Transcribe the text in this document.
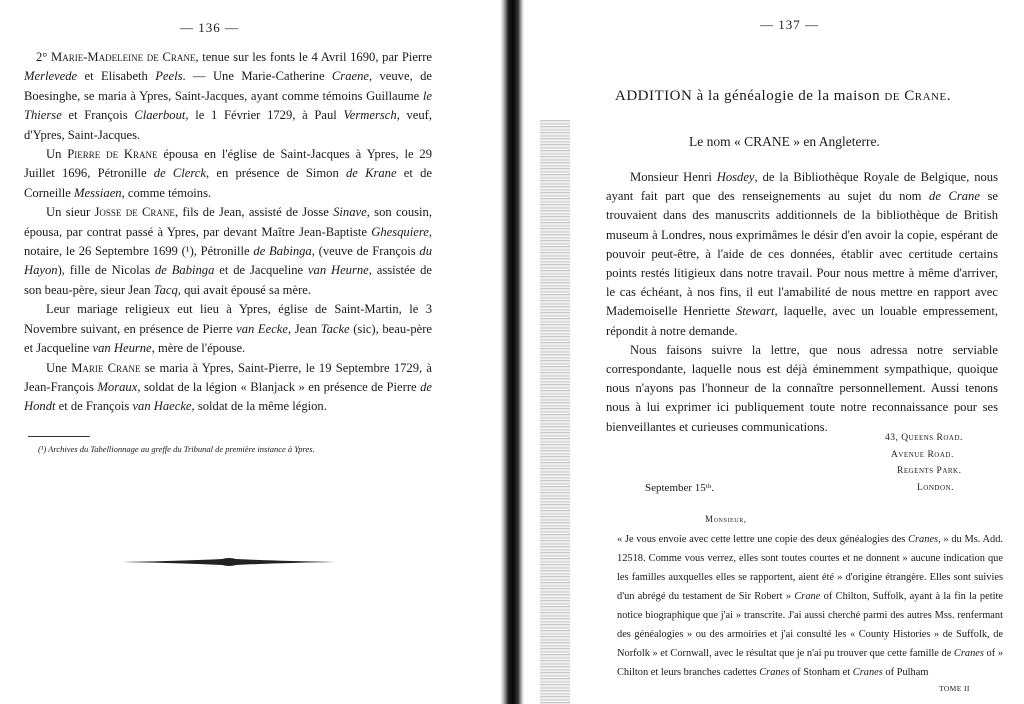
— 136 —

2° Marie-Madeleine de Crane, tenue sur les fonts le 4 Avril 1690, par Pierre Merlevede et Elisabeth Peels. — Une Marie-Catherine Craene, veuve, de Boesinghe, se maria à Ypres, Saint-Jacques, ayant comme témoins Guillaume le Thierse et François Claerbout, le 1 Février 1729, à Paul Vermersch, veuf, d'Ypres, Saint-Jacques.

Un Pierre de Krane épousa en l'église de Saint-Jacques à Ypres, le 29 Juillet 1696, Pétronille de Clerck, en présence de Simon de Krane et de Corneille Messiaen, comme témoins.

Un sieur Josse de Crane, fils de Jean, assisté de Josse Sinave, son cousin, épousa, par contrat passé à Ypres, par devant Maître Jean-Baptiste Ghesquiere, notaire, le 26 Septembre 1699 (¹), Pétronille de Babinga, (veuve de François du Hayon), fille de Nicolas de Babinga et de Jacqueline van Heurne, assistée de son beau-père, sieur Jean Tacq, qui avait épousé sa mère.

Leur mariage religieux eut lieu à Ypres, église de Saint-Martin, le 3 Novembre suivant, en présence de Pierre van Eecke, Jean Tacke (sic), beau-père et Jacqueline van Heurne, mère de l'épouse.

Une Marie Crane se maria à Ypres, Saint-Pierre, le 19 Septembre 1729, à Jean-François Moraux, soldat de la légion « Blanjack » en présence de Pierre de Hondt et de François van Haecke, soldat de la même légion.

(¹) Archives du Tabellionnage au greffe du Tribunal de première instance à Ypres.
— 137 —
ADDITION à la généalogie de la maison de Crane.
Le nom « CRANE » en Angleterre.

Monsieur Henri Hosdey, de la Bibliothèque Royale de Belgique, nous ayant fait part que des renseignements au sujet du nom de Crane se trouvaient dans des manuscrits additionnels de la bibliothèque de British museum à Londres, nous exprimâmes le désir d'en avoir la copie, espérant de pouvoir peut-être, à l'aide de ces données, établir avec certitude certains points restés litigieux dans notre travail. Pour nous mettre à même d'arriver, le cas échéant, à nos fins, il eut l'amabilité de nous mettre en rapport avec Mademoiselle Henriette Stewart, laquelle, avec un louable empressement, répondit à notre demande.

Nous faisons suivre la lettre, que nous adressa notre serviable correspondante, laquelle nous est déjà éminemment sympathique, quoique nous n'ayons pas l'honneur de la connaître personnellement. Aussi tenons nous à lui exprimer ici publiquement toute notre reconnaissance pour ses bienveillantes et curieuses communications.

43, Queens Road.
Avenue Road.
Regents Park.
London.
September 15ᵗʰ.
Monsieur,
« Je vous envoie avec cette lettre une copie des deux généalogies des Cranes, » du Ms. Add. 12518. Comme vous verrez, elles sont toutes courtes et ne donnent » aucune indication que les familles auxquelles elles se rapportent, aient été » d'origine étrangère. Elles sont suivies d'un abrégé du testament de Sir Robert » Crane of Chilton, Suffolk, ayant à la fin la petite notice biographique que j'ai » transcrite. J'ai aussi cherché parmi des autres Mss. renfermant des généalogies » ou des armoiries et j'ai consulté les « County Histories » de Suffolk, de Norfolk » et Cornwall, avec le résultat que je n'ai pu trouver que cette famille de Cranes of » Chilton et leurs branches cadettes Cranes of Stonham et Cranes of Pulham
TOME II
